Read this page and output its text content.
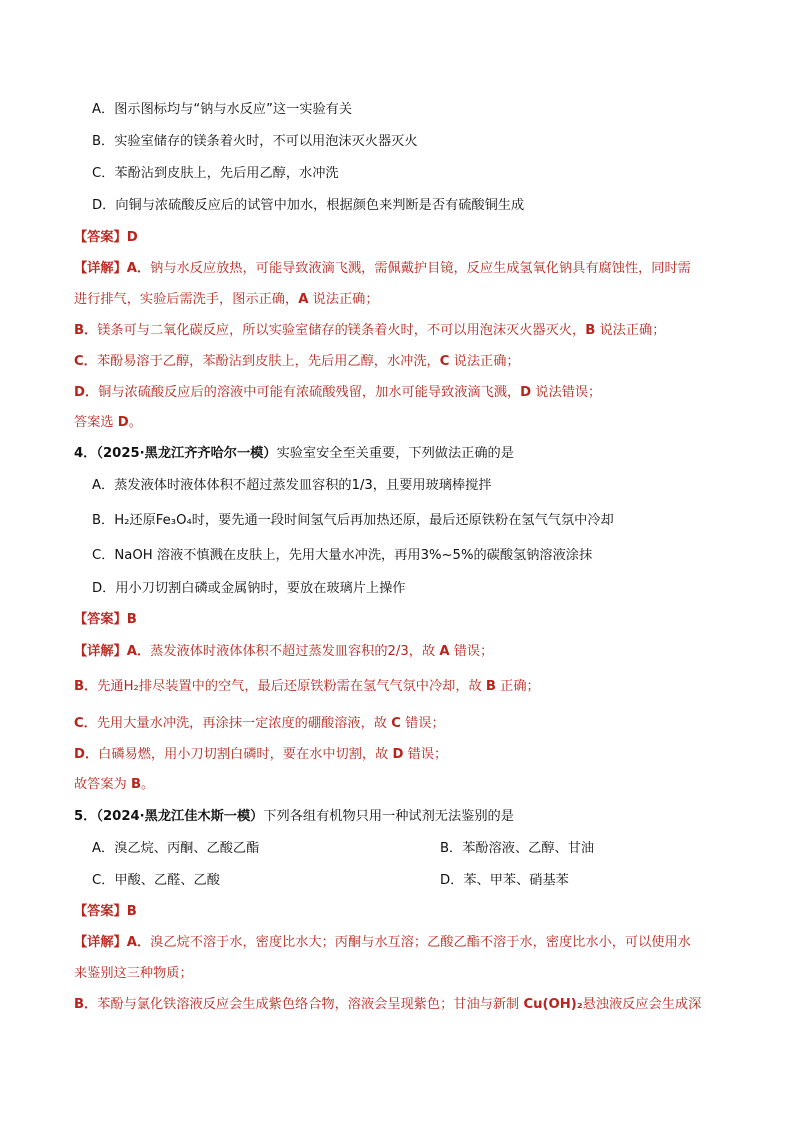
A．图示图标均与“钠与水反应”这一实验有关
B．实验室储存的镁条着火时，不可以用泡沫灭火器灭火
C．苯酚沾到皮肤上，先后用乙醇，水冲洗
D．向铜与浓硫酸反应后的试管中加水，根据颜色来判断是否有硫酸铜生成
【答案】D
【详解】A．钠与水反应放热，可能导致液滴飞溅，需佩戴护目镜，反应生成氢氧化钠具有腐蚀性，同时需
进行排气，实验后需洗手，图示正确，A 说法正确；
B．镁条可与二氧化碳反应，所以实验室储存的镁条着火时，不可以用泡沫灭火器灭火，B 说法正确；
C．苯酚易溶于乙醇，苯酚沾到皮肤上，先后用乙醇，水冲洗，C 说法正确；
D．铜与浓硫酸反应后的溶液中可能有浓硫酸残留，加水可能导致液滴飞溅，D 说法错误；
答案选 D。
4．（2025·黑龙江齐齐哈尔一模）实验室安全至关重要，下列做法正确的是
A．蒸发液体时液体体积不超过蒸发皿容积的1/3，且要用玻璃棒搅拌
B．H₂还原Fe₃O₄时，要先通一段时间氢气后再加热还原，最后还原铁粉在氢气气氛中冷却
C．NaOH 溶液不慎溅在皮肤上，先用大量水冲洗，再用3%~5%的碳酸氢钠溶液涂抹
D．用小刀切割白磷或金属钠时，要放在玻璃片上操作
【答案】B
【详解】A．蒸发液体时液体体积不超过蒸发皿容积的2/3，故 A 错误；
B．先通H₂排尽装置中的空气，最后还原铁粉需在氢气气氛中冷却，故 B 正确；
C．先用大量水冲洗，再涂抹一定浓度的硼酸溶液，故 C 错误；
D．白磷易燃，用小刀切割白磷时，要在水中切割，故 D 错误；
故答案为 B。
5．（2024·黑龙江佳木斯一模）下列各组有机物只用一种试剂无法鉴别的是
A．溴乙烷、丙酮、乙酸乙酯	B．苯酚溶液、乙醇、甘油
C．甲酸、乙醛、乙酸	D．苯、甲苯、硝基苯
【答案】B
【详解】A．溴乙烷不溶于水，密度比水大；丙酮与水互溶；乙酸乙酯不溶于水，密度比水小，可以使用水
来鉴别这三种物质；
B．苯酚与氯化铁溶液反应会生成紫色络合物，溶液会呈现紫色；甘油与新制 Cu(OH)₂悬浊液反应会生成深
